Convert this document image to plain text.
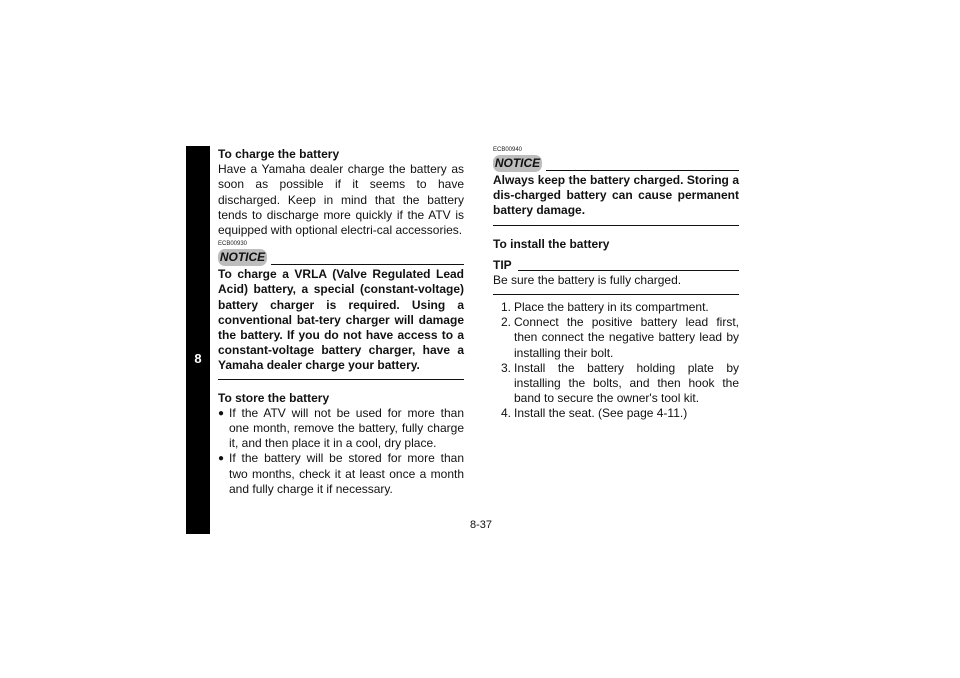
8

To charge the battery

Have a Yamaha dealer charge the battery as soon as possible if it seems to have discharged. Keep in mind that the battery tends to discharge more quickly if the ATV is equipped with optional electri-cal accessories.

ECB00930

NOTICE

To charge a VRLA (Valve Regulated Lead Acid) battery, a special (constant-voltage) battery charger is required. Using a conventional bat-tery charger will damage the battery. If you do not have access to a constant-voltage battery charger, have a Yamaha dealer charge your battery.

To store the battery

● If the ATV will not be used for more than one month, remove the battery, fully charge it, and then place it in a cool, dry place.
● If the battery will be stored for more than two months, check it at least once a month and fully charge it if necessary.

ECB00940

NOTICE

Always keep the battery charged. Storing a dis-charged battery can cause permanent battery damage.

To install the battery

TIP

Be sure the battery is fully charged.

1. Place the battery in its compartment.
2. Connect the positive battery lead first, then connect the negative battery lead by installing their bolt.
3. Install the battery holding plate by installing the bolts, and then hook the band to secure the owner's tool kit.
4. Install the seat. (See page 4-11.)
8-37
